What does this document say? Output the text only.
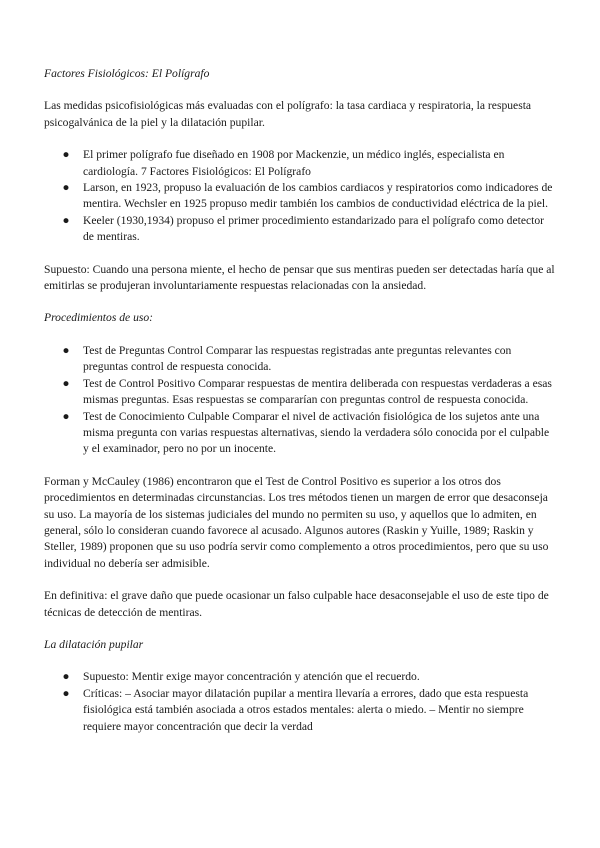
Factores Fisiológicos: El Polígrafo

Las medidas psicofisiológicas más evaluadas con el polígrafo: la tasa cardiaca y respiratoria, la respuesta psicogalvánica de la piel y la dilatación pupilar.

● El primer polígrafo fue diseñado en 1908 por Mackenzie, un médico inglés, especialista en cardiología. 7 Factores Fisiológicos: El Polígrafo
● Larson, en 1923, propuso la evaluación de los cambios cardiacos y respiratorios como indicadores de mentira. Wechsler en 1925 propuso medir también los cambios de conductividad eléctrica de la piel.
● Keeler (1930,1934) propuso el primer procedimiento estandarizado para el polígrafo como detector de mentiras.

Supuesto: Cuando una persona miente, el hecho de pensar que sus mentiras pueden ser detectadas haría que al emitirlas se produjeran involuntariamente respuestas relacionadas con la ansiedad.

Procedimientos de uso:

● Test de Preguntas Control Comparar las respuestas registradas ante preguntas relevantes con preguntas control de respuesta conocida.
● Test de Control Positivo Comparar respuestas de mentira deliberada con respuestas verdaderas a esas mismas preguntas. Esas respuestas se compararían con preguntas control de respuesta conocida.
● Test de Conocimiento Culpable Comparar el nivel de activación fisiológica de los sujetos ante una misma pregunta con varias respuestas alternativas, siendo la verdadera sólo conocida por el culpable y el examinador, pero no por un inocente.

Forman y McCauley (1986) encontraron que el Test de Control Positivo es superior a los otros dos procedimientos en determinadas circunstancias. Los tres métodos tienen un margen de error que desaconseja su uso. La mayoría de los sistemas judiciales del mundo no permiten su uso, y aquellos que lo admiten, en general, sólo lo consideran cuando favorece al acusado. Algunos autores (Raskin y Yuille, 1989; Raskin y Steller, 1989) proponen que su uso podría servir como complemento a otros procedimientos, pero que su uso individual no debería ser admisible.

En definitiva: el grave daño que puede ocasionar un falso culpable hace desaconsejable el uso de este tipo de técnicas de detección de mentiras.

La dilatación pupilar

● Supuesto: Mentir exige mayor concentración y atención que el recuerdo.
● Críticas: – Asociar mayor dilatación pupilar a mentira llevaría a errores, dado que esta respuesta fisiológica está también asociada a otros estados mentales: alerta o miedo. – Mentir no siempre requiere mayor concentración que decir la verdad
